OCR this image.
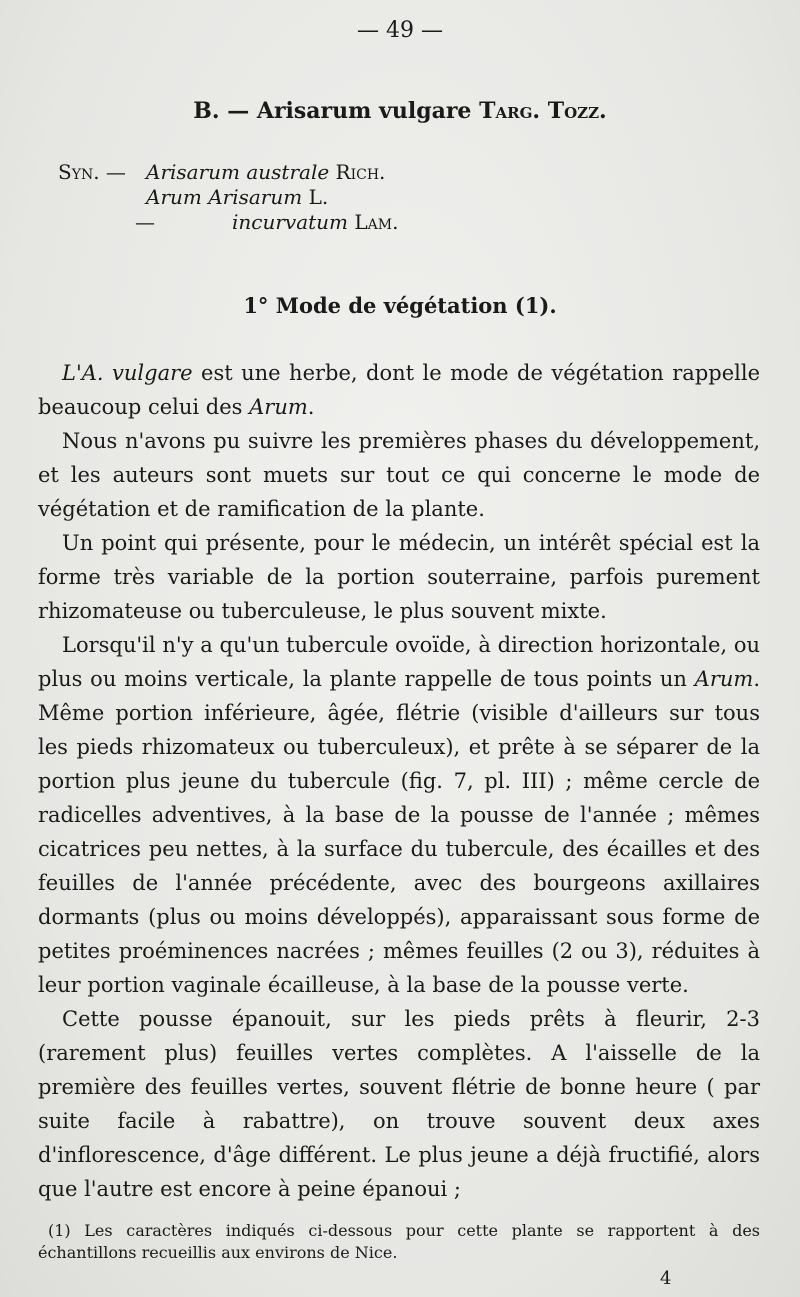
— 49 —
B. — Arisarum vulgare Targ. Tozz.
Syn. — Arisarum australe Rich.
Arum Arisarum L.
—	incurvatum Lam.
1° Mode de végétation (1).

L'A. vulgare est une herbe, dont le mode de végétation rappelle beaucoup celui des Arum.

Nous n'avons pu suivre les premières phases du développement, et les auteurs sont muets sur tout ce qui concerne le mode de végétation et de ramification de la plante.

Un point qui présente, pour le médecin, un intérêt spécial est la forme très variable de la portion souterraine, parfois purement rhizomateuse ou tuberculeuse, le plus souvent mixte.

Lorsqu'il n'y a qu'un tubercule ovoïde, à direction horizontale, ou plus ou moins verticale, la plante rappelle de tous points un Arum. Même portion inférieure, âgée, flétrie (visible d'ailleurs sur tous les pieds rhizomateux ou tuberculeux), et prête à se séparer de la portion plus jeune du tubercule (fig. 7, pl. III) ; même cercle de radicelles adventives, à la base de la pousse de l'année ; mêmes cicatrices peu nettes, à la surface du tubercule, des écailles et des feuilles de l'année précédente, avec des bourgeons axillaires dormants (plus ou moins développés), apparaissant sous forme de petites proéminences nacrées ; mêmes feuilles (2 ou 3), réduites à leur portion vaginale écailleuse, à la base de la pousse verte.

Cette pousse épanouit, sur les pieds prêts à fleurir, 2-3 (rarement plus) feuilles vertes complètes. A l'aisselle de la première des feuilles vertes, souvent flétrie de bonne heure ( par suite facile à rabattre), on trouve souvent deux axes d'inflorescence, d'âge différent. Le plus jeune a déjà fructifié, alors que l'autre est encore à peine épanoui ;

(1) Les caractères indiqués ci-dessous pour cette plante se rapportent à des échantillons recueillis aux environs de Nice.

4
